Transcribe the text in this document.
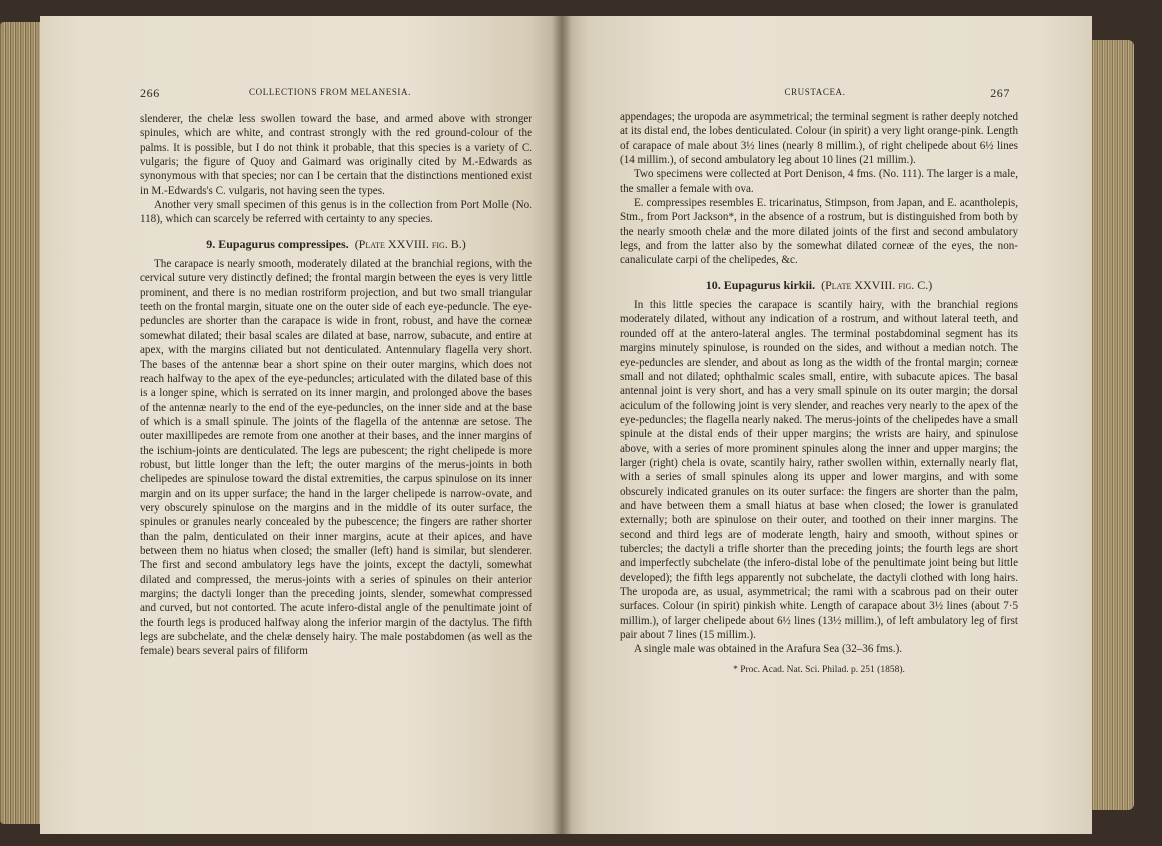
266	COLLECTIONS FROM MELANESIA.

slenderer, the chelæ less swollen toward the base, and armed above with stronger spinules, which are white, and contrast strongly with the red ground-colour of the palms. It is possible, but I do not think it probable, that this species is a variety of C. vulgaris; the figure of Quoy and Gaimard was originally cited by M.-Edwards as synonymous with that species; nor can I be certain that the distinctions mentioned exist in M.-Edwards's C. vulgaris, not having seen the types.

Another very small specimen of this genus is in the collection from Port Molle (No. 118), which can scarcely be referred with certainty to any species.

9. Eupagurus compressipes. (Plate XXVIII. fig. B.)

The carapace is nearly smooth, moderately dilated at the branchial regions, with the cervical suture very distinctly defined; the frontal margin between the eyes is very little prominent, and there is no median rostriform projection, and but two small triangular teeth on the frontal margin, situate one on the outer side of each eye-peduncle. The eye-peduncles are shorter than the carapace is wide in front, robust, and have the corneæ somewhat dilated; their basal scales are dilated at base, narrow, subacute, and entire at apex, with the margins ciliated but not denticulated. Antennulary flagella very short. The bases of the antennæ bear a short spine on their outer margins, which does not reach halfway to the apex of the eye-peduncles; articulated with the dilated base of this is a longer spine, which is serrated on its inner margin, and prolonged above the bases of the antennæ nearly to the end of the eye-peduncles, on the inner side and at the base of which is a small spinule. The joints of the flagella of the antennæ are setose. The outer maxillipedes are remote from one another at their bases, and the inner margins of the ischium-joints are denticulated. The legs are pubescent; the right chelipede is more robust, but little longer than the left; the outer margins of the merus-joints in both chelipedes are spinulose toward the distal extremities, the carpus spinulose on its inner margin and on its upper surface; the hand in the larger chelipede is narrow-ovate, and very obscurely spinulose on the margins and in the middle of its outer surface, the spinules or granules nearly concealed by the pubescence; the fingers are rather shorter than the palm, denticulated on their inner margins, acute at their apices, and have between them no hiatus when closed; the smaller (left) hand is similar, but slenderer. The first and second ambulatory legs have the joints, except the dactyli, somewhat dilated and compressed, the merus-joints with a series of spinules on their anterior margins; the dactyli longer than the preceding joints, slender, somewhat compressed and curved, but not contorted. The acute infero-distal angle of the penultimate joint of the fourth legs is produced halfway along the inferior margin of the dactylus. The fifth legs are subchelate, and the chelæ densely hairy. The male postabdomen (as well as the female) bears several pairs of filiform

CRUSTACEA.	267

appendages; the uropoda are asymmetrical; the terminal segment is rather deeply notched at its distal end, the lobes denticulated. Colour (in spirit) a very light orange-pink. Length of carapace of male about 3½ lines (nearly 8 millim.), of right chelipede about 6½ lines (14 millim.), of second ambulatory leg about 10 lines (21 millim.).

Two specimens were collected at Port Denison, 4 fms. (No. 111). The larger is a male, the smaller a female with ova.

E. compressipes resembles E. tricarinatus, Stimpson, from Japan, and E. acantholepis, Stm., from Port Jackson*, in the absence of a rostrum, but is distinguished from both by the nearly smooth chelæ and the more dilated joints of the first and second ambulatory legs, and from the latter also by the somewhat dilated corneæ of the eyes, the non-canaliculate carpi of the chelipedes, &c.

10. Eupagurus kirkii. (Plate XXVIII. fig. C.)

In this little species the carapace is scantily hairy, with the branchial regions moderately dilated, without any indication of a rostrum, and without lateral teeth, and rounded off at the antero-lateral angles. The terminal postabdominal segment has its margins minutely spinulose, is rounded on the sides, and without a median notch. The eye-peduncles are slender, and about as long as the width of the frontal margin; corneæ small and not dilated; ophthalmic scales small, entire, with subacute apices. The basal antennal joint is very short, and has a very small spinule on its outer margin; the dorsal aciculum of the following joint is very slender, and reaches very nearly to the apex of the eye-peduncles; the flagella nearly naked. The merus-joints of the chelipedes have a small spinule at the distal ends of their upper margins; the wrists are hairy, and spinulose above, with a series of more prominent spinules along the inner and upper margins; the larger (right) chela is ovate, scantily hairy, rather swollen within, externally nearly flat, with a series of small spinules along its upper and lower margins, and with some obscurely indicated granules on its outer surface: the fingers are shorter than the palm, and have between them a small hiatus at base when closed; the lower is granulated externally; both are spinulose on their outer, and toothed on their inner margins. The second and third legs are of moderate length, hairy and smooth, without spines or tubercles; the dactyli a trifle shorter than the preceding joints; the fourth legs are short and imperfectly subchelate (the infero-distal lobe of the penultimate joint being but little developed); the fifth legs apparently not subchelate, the dactyli clothed with long hairs. The uropoda are, as usual, asymmetrical; the rami with a scabrous pad on their outer surfaces. Colour (in spirit) pinkish white. Length of carapace about 3½ lines (about 7·5 millim.), of larger chelipede about 6½ lines (13½ millim.), of left ambulatory leg of first pair about 7 lines (15 millim.).

A single male was obtained in the Arafura Sea (32–36 fms.).

* Proc. Acad. Nat. Sci. Philad. p. 251 (1858).
